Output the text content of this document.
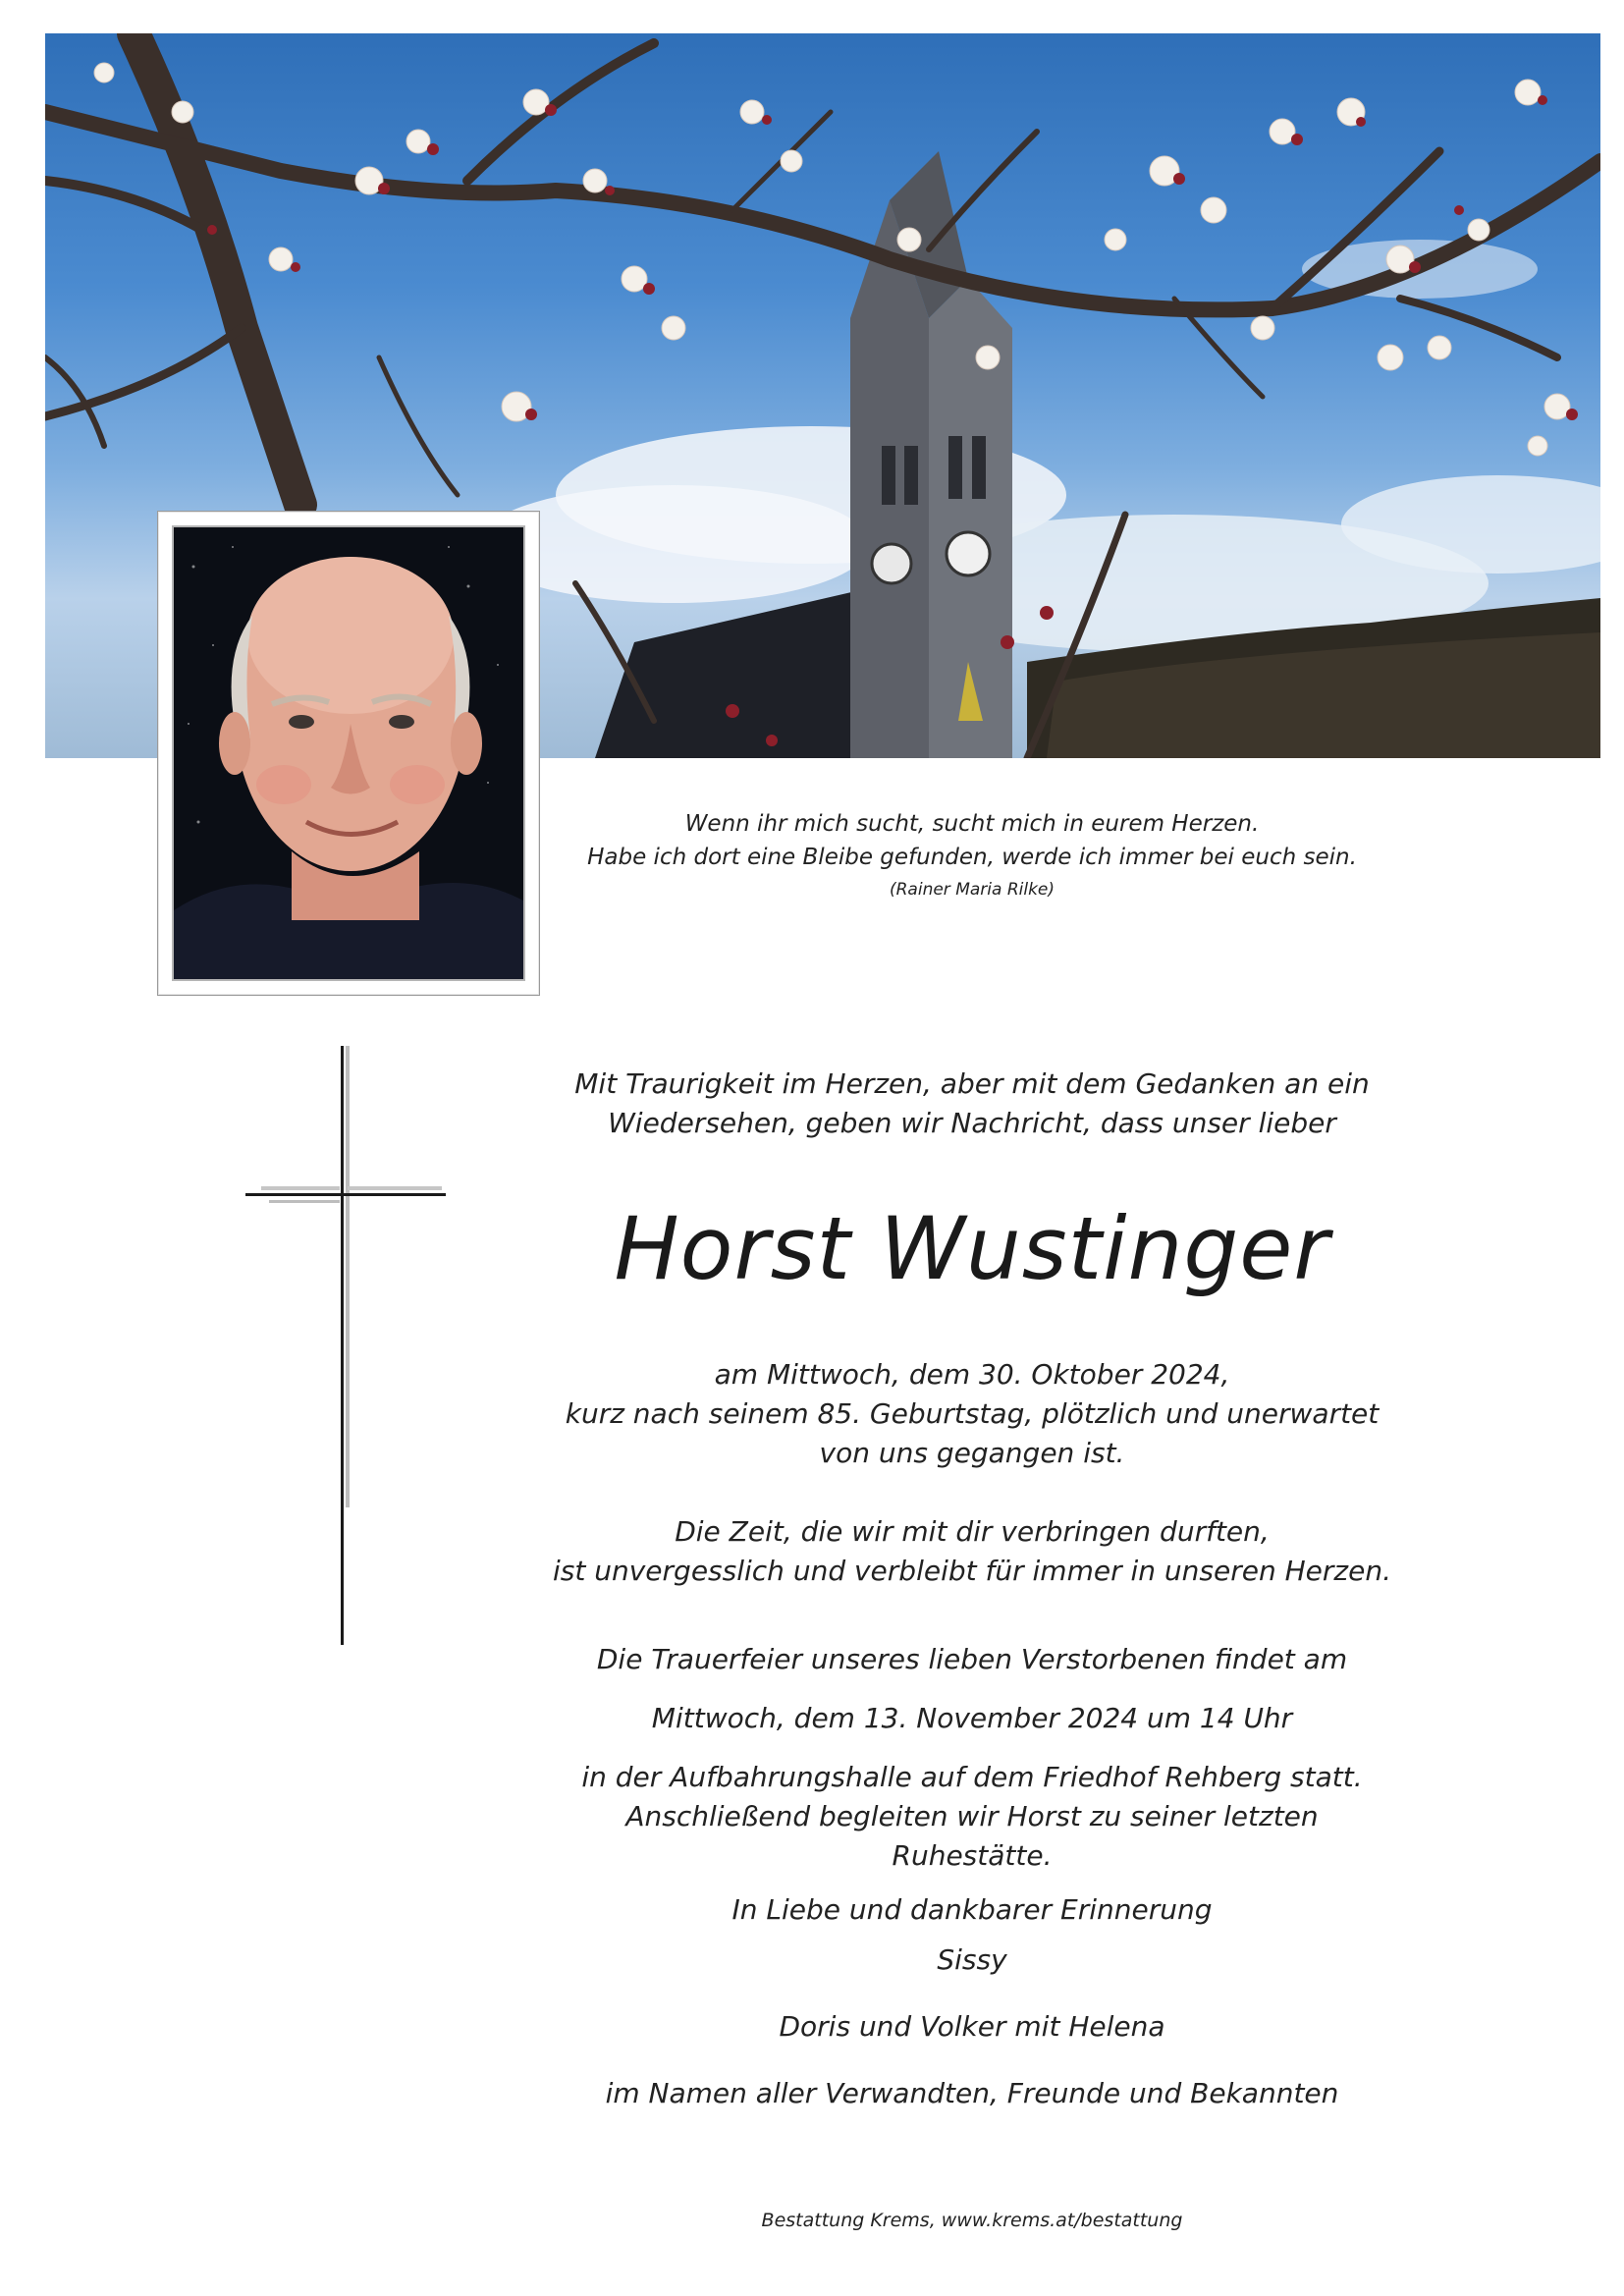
Wenn ihr mich sucht, sucht mich in eurem Herzen.

Habe ich dort eine Bleibe gefunden, werde ich immer bei euch sein.

(Rainer Maria Rilke)

Mit Traurigkeit im Herzen, aber mit dem Gedanken an ein

Wiedersehen, geben wir Nachricht, dass unser lieber

Horst Wustinger

am Mittwoch, dem 30. Oktober 2024,

kurz nach seinem 85. Geburtstag, plötzlich und unerwartet

von uns gegangen ist.

Die Zeit, die wir mit dir verbringen durften,

ist unvergesslich und verbleibt für immer in unseren Herzen.

Die Trauerfeier unseres lieben Verstorbenen findet am

Mittwoch, dem 13. November 2024 um 14 Uhr

in der Aufbahrungshalle auf dem Friedhof Rehberg statt.

Anschließend begleiten wir Horst zu seiner letzten Ruhestätte.

In Liebe und dankbarer Erinnerung

Sissy

Doris und Volker mit Helena

im Namen aller Verwandten, Freunde und Bekannten

Bestattung Krems, www.krems.at/bestattung
